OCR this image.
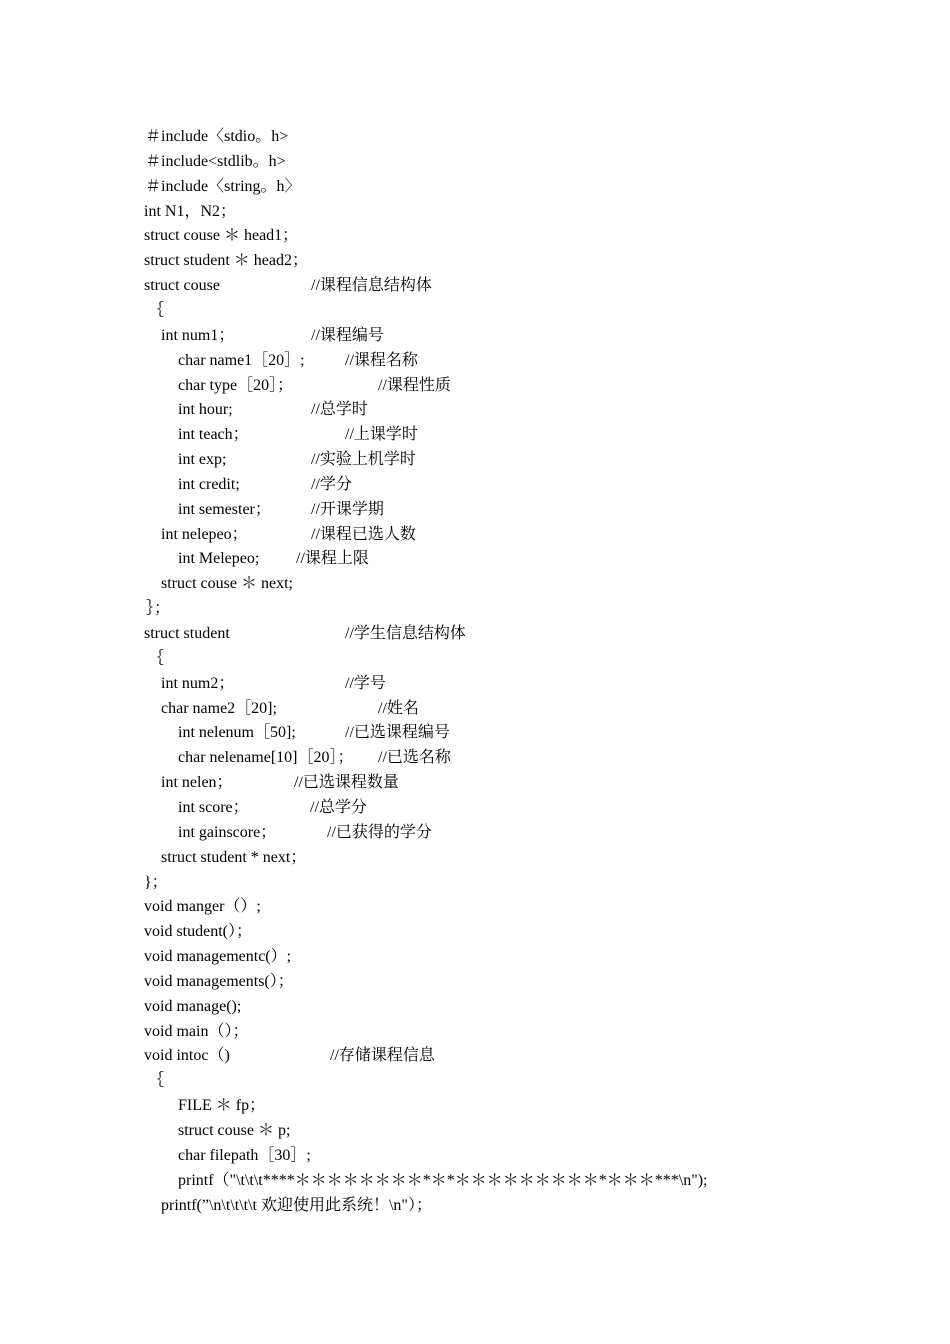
＃include〈stdio。h>
＃include<stdlib。h>
＃include〈string。h〉
int N1，N2；
struct couse ＊ head1；
struct student ＊ head2；
struct couse	//课程信息结构体
｛
int num1；	//课程编号
char name1［20］;	//课程名称
char type［20］；	//课程性质
int hour;	//总学时
int teach；	//上课学时
int exp;	//实验上机学时
int credit;	//学分
int semester；	//开课学期
int nelepeo；	//课程已选人数
int Melepeo; //课程上限
struct couse ＊ next;
｝；
struct student	//学生信息结构体
｛
int num2；	//学号
char name2［20];	//姓名
int nelenum［50];	//已选课程编号
char nelename[10]［20］； //已选名称
int nelen；	//已选课程数量
int score；	//总学分
int gainscore；	//已获得的学分
struct student * next；
}；
void manger（）;
void student(）；
void managementc(）;
void managements(）；
void manage();
void main（）；
void intoc（)	//存储课程信息
｛
FILE ＊ fp；
struct couse ＊ p;
char filepath［30］;
printf（"\t\t\t****＊＊＊＊＊＊＊＊*＊*＊＊＊＊＊＊＊＊＊*＊＊＊***\n");
printf(”\n\t\t\t\t 欢迎使用此系统！\n"）；
